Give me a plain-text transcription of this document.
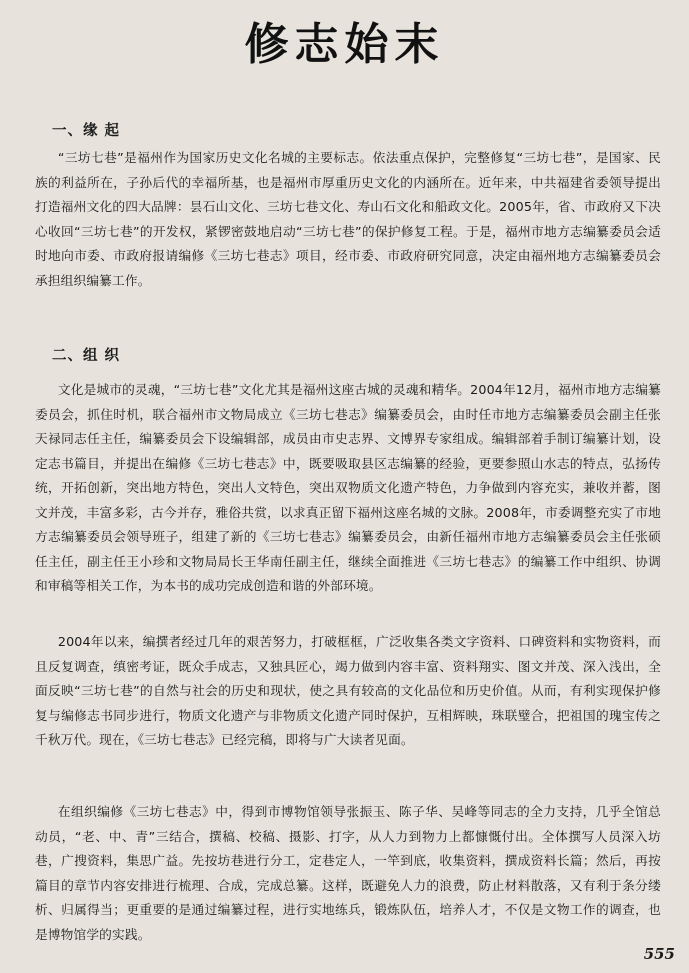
修志始末
一、缘 起

“三坊七巷”是福州作为国家历史文化名城的主要标志。依法重点保护，完整修复“三坊七巷”，是国家、民族的利益所在，子孙后代的幸福所基，也是福州市厚重历史文化的内涵所在。近年来，中共福建省委领导提出打造福州文化的四大品牌：昙石山文化、三坊七巷文化、寿山石文化和船政文化。2005年，省、市政府又下决心收回“三坊七巷”的开发权，紧锣密鼓地启动“三坊七巷”的保护修复工程。于是，福州市地方志编纂委员会适时地向市委、市政府报请编修《三坊七巷志》项目，经市委、市政府研究同意，决定由福州地方志编纂委员会承担组织编纂工作。

二、组 织

文化是城市的灵魂，“三坊七巷”文化尤其是福州这座古城的灵魂和精华。2004年12月，福州市地方志编纂委员会，抓住时机，联合福州市文物局成立《三坊七巷志》编纂委员会，由时任市地方志编纂委员会副主任张天禄同志任主任，编纂委员会下设编辑部，成员由市史志界、文博界专家组成。编辑部着手制订编纂计划，设定志书篇目，并提出在编修《三坊七巷志》中，既要吸取县区志编纂的经验，更要参照山水志的特点，弘扬传统，开拓创新，突出地方特色，突出人文特色，突出双物质文化遗产特色，力争做到内容充实，兼收并蓄，图文并茂，丰富多彩，古今并存，雅俗共赏，以求真正留下福州这座名城的文脉。2008年，市委调整充实了市地方志编纂委员会领导班子，组建了新的《三坊七巷志》编纂委员会，由新任福州市地方志编纂委员会主任张硕任主任，副主任王小珍和文物局局长王华南任副主任，继续全面推进《三坊七巷志》的编纂工作中组织、协调和审稿等相关工作，为本书的成功完成创造和谐的外部环境。

2004年以来，编撰者经过几年的艰苦努力，打破框框，广泛收集各类文字资料、口碑资料和实物资料，而且反复调查，缜密考证，既众手成志，又独具匠心，竭力做到内容丰富、资料翔实、图文并茂、深入浅出，全面反映“三坊七巷”的自然与社会的历史和现状，使之具有较高的文化品位和历史价值。从而，有利实现保护修复与编修志书同步进行，物质文化遗产与非物质文化遗产同时保护，互相辉映，珠联璧合，把祖国的瑰宝传之千秋万代。现在，《三坊七巷志》已经完稿，即将与广大读者见面。

在组织编修《三坊七巷志》中，得到市博物馆领导张振玉、陈子华、吴峰等同志的全力支持，几乎全馆总动员，“老、中、青”三结合，撰稿、校稿、摄影、打字，从人力到物力上都慷慨付出。全体撰写人员深入坊巷，广搜资料，集思广益。先按坊巷进行分工，定巷定人，一竿到底，收集资料，撰成资料长篇；然后，再按篇目的章节内容安排进行梳理、合成，完成总纂。这样，既避免人力的浪费，防止材料散落，又有利于条分缕析、归属得当；更重要的是通过编纂过程，进行实地练兵，锻炼队伍，培养人才，不仅是文物工作的调查，也是博物馆学的实践。

555
